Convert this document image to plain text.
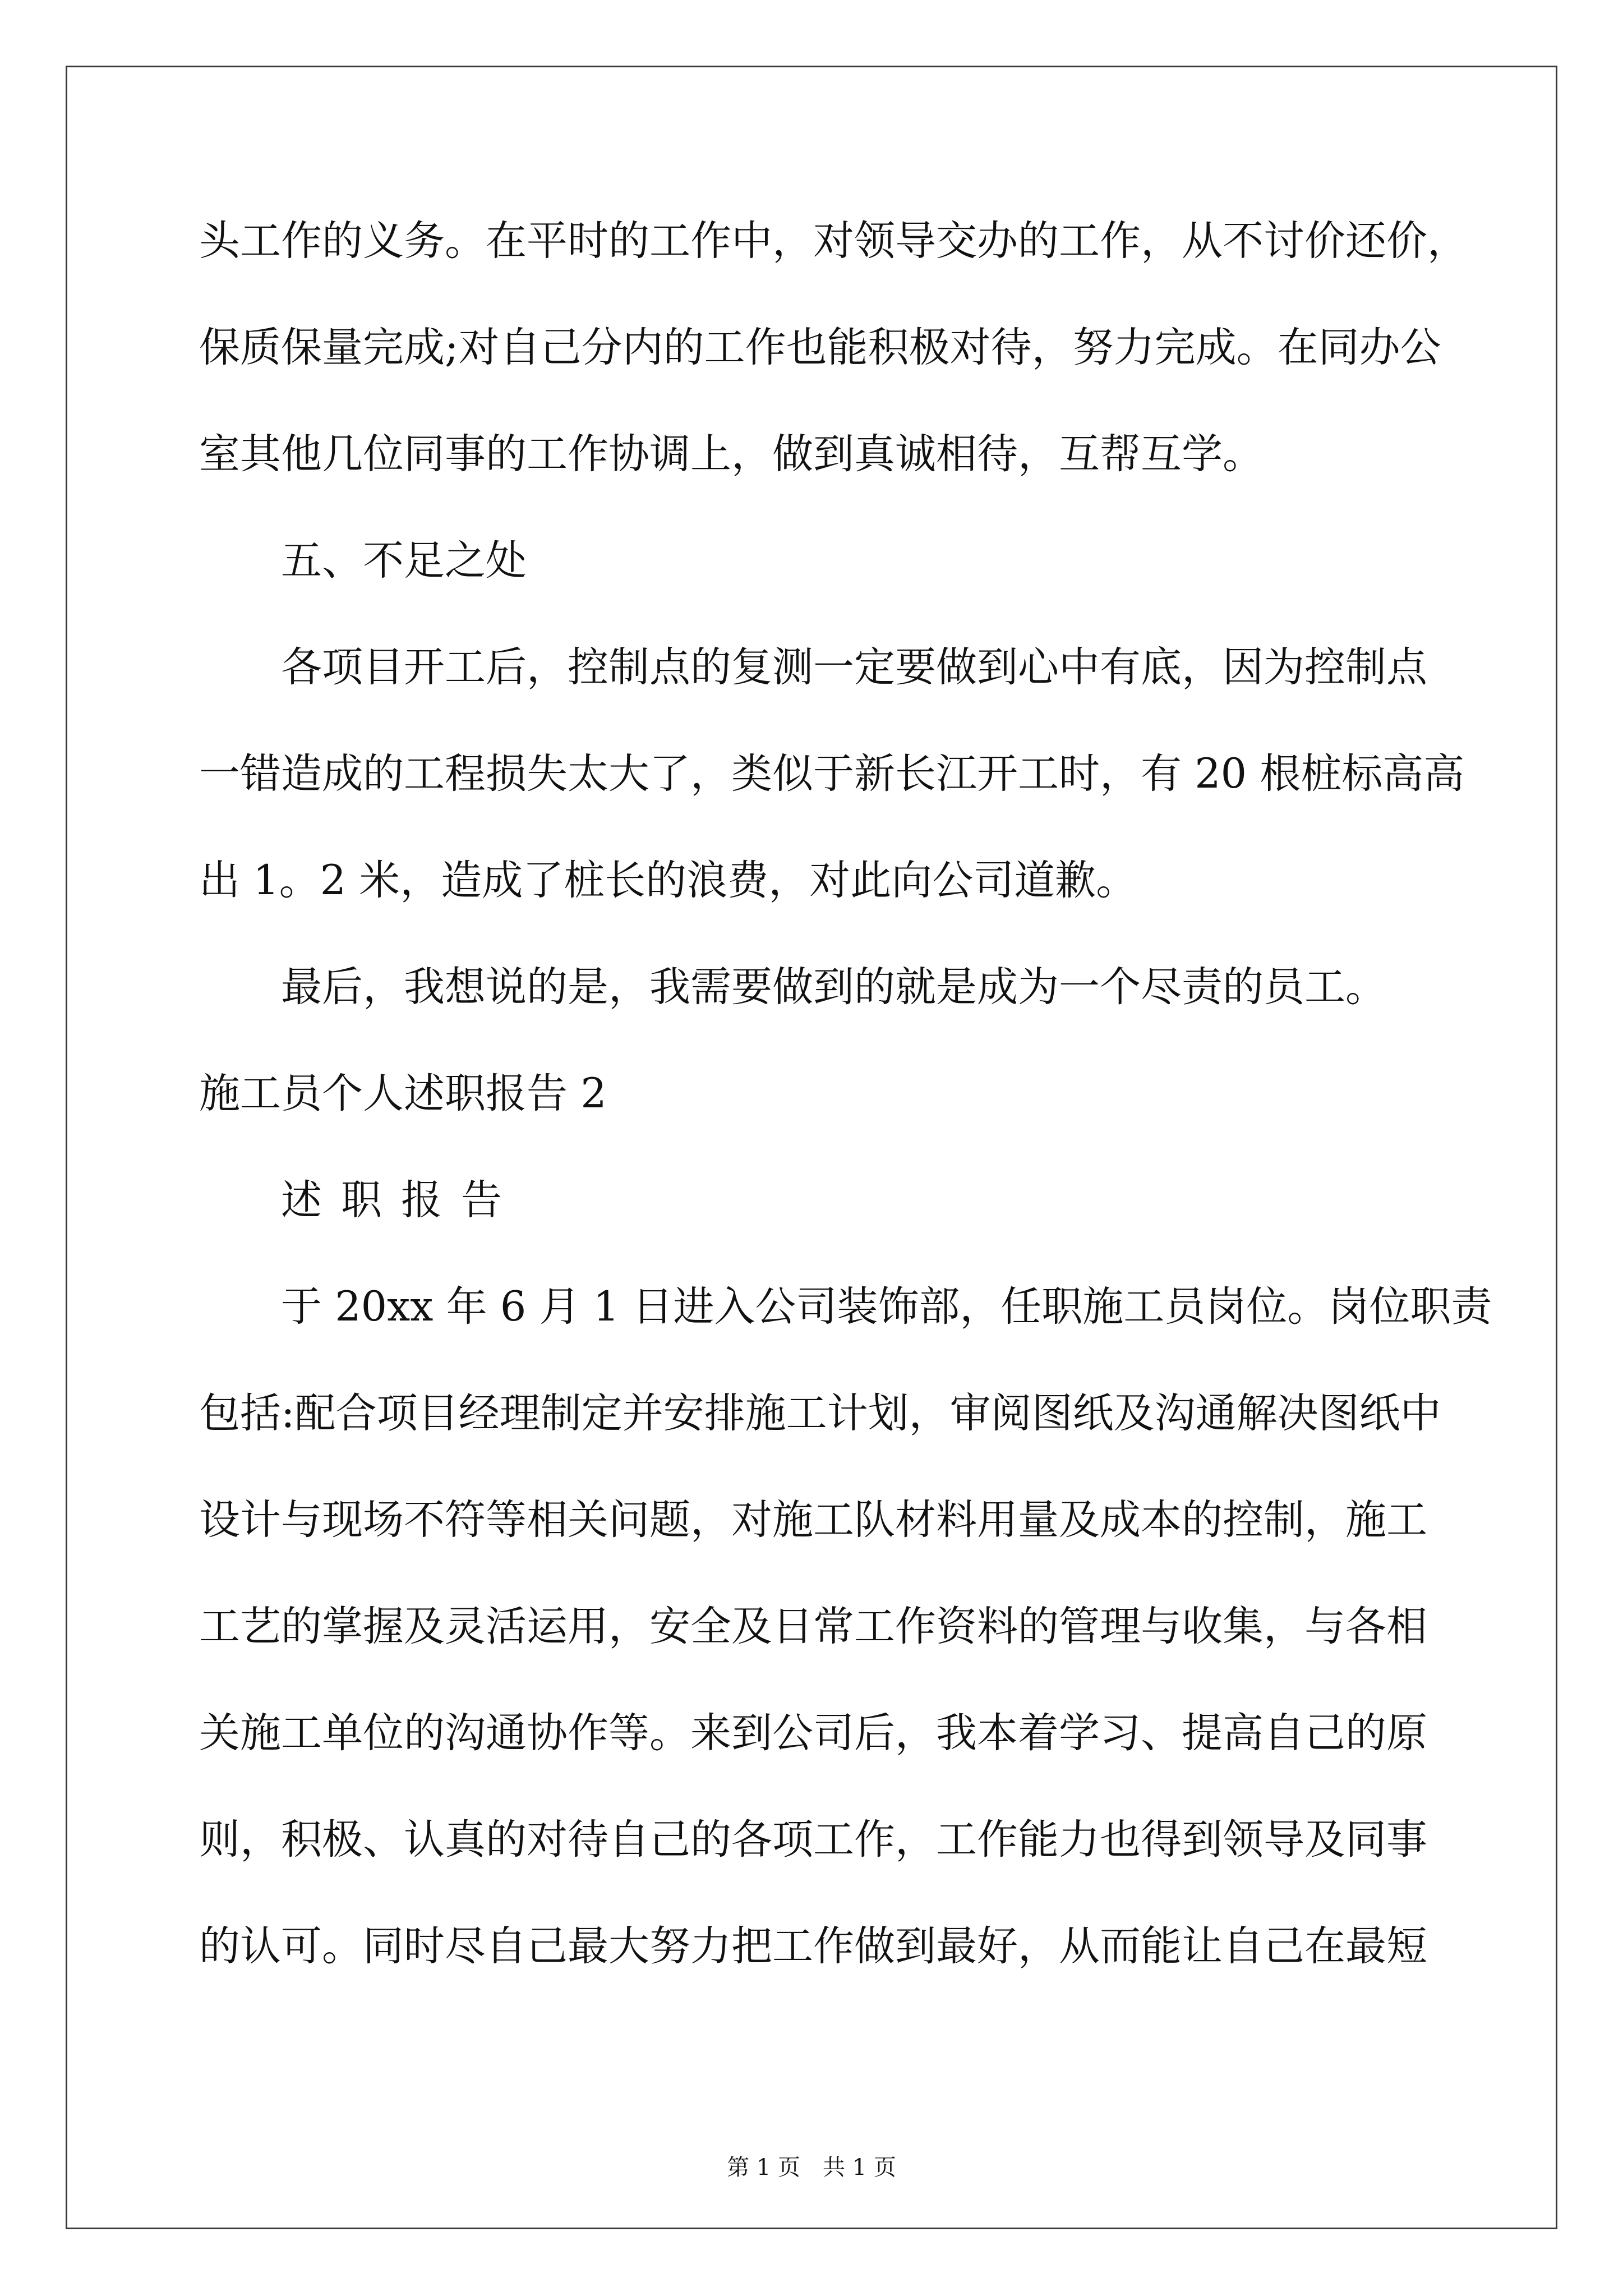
头工作的义务。在平时的工作中，对领导交办的工作，从不讨价还价，
保质保量完成;对自己分内的工作也能积极对待，努力完成。在同办公
室其他几位同事的工作协调上，做到真诚相待，互帮互学。
五、不足之处
各项目开工后，控制点的复测一定要做到心中有底，因为控制点
一错造成的工程损失太大了，类似于新长江开工时，有 20 根桩标高高
出 1。2 米，造成了桩长的浪费，对此向公司道歉。
最后，我想说的是，我需要做到的就是成为一个尽责的员工。
施工员个人述职报告 2
述职报告
于 20xx 年 6 月 1 日进入公司装饰部，任职施工员岗位。岗位职责
包括:配合项目经理制定并安排施工计划，审阅图纸及沟通解决图纸中
设计与现场不符等相关问题，对施工队材料用量及成本的控制，施工
工艺的掌握及灵活运用，安全及日常工作资料的管理与收集，与各相
关施工单位的沟通协作等。来到公司后，我本着学习、提高自己的原
则，积极、认真的对待自己的各项工作，工作能力也得到领导及同事
的认可。同时尽自己最大努力把工作做到最好，从而能让自己在最短
第 1 页 共 1 页
